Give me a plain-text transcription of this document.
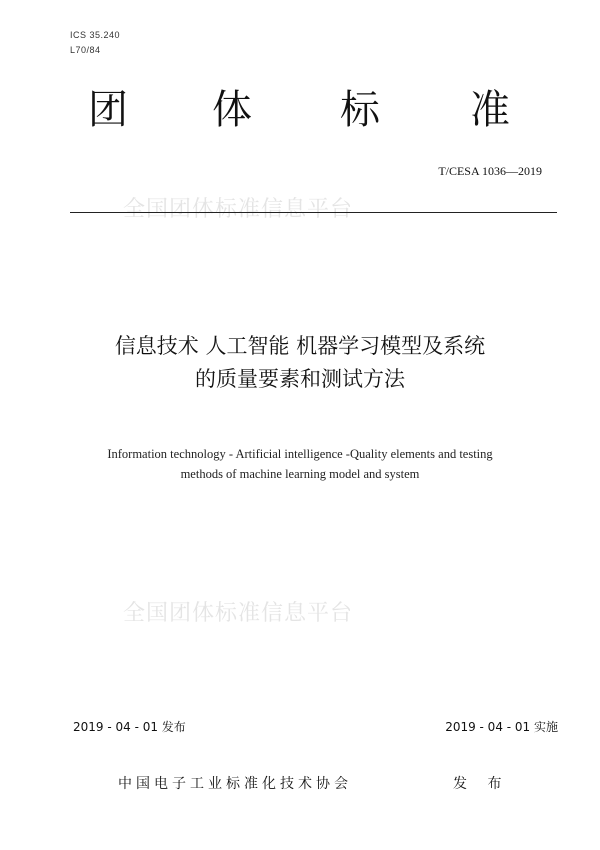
ICS 35.240
L70/84
团 体 标 准
T/CESA 1036—2019
全国团体标准信息平台
信息技术 人工智能 机器学习模型及系统
的质量要素和测试方法
Information technology - Artificial intelligence -Quality elements and testing
methods of machine learning model and system
全国团体标准信息平台
2019 - 04 - 01 发布	2019 - 04 - 01 实施
中国电子工业标准化技术协会	发 布
